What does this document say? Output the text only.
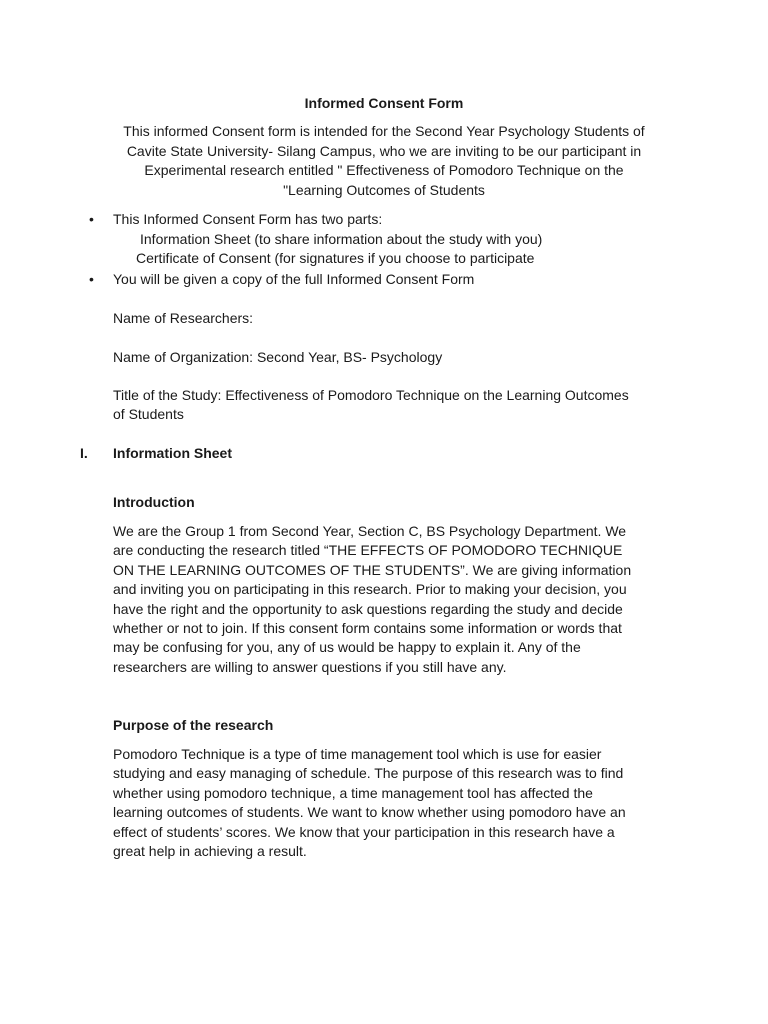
Informed Consent Form
This informed Consent form is intended for the Second Year Psychology Students of
Cavite State University- Silang Campus, who we are inviting to be our participant in
Experimental research entitled " Effectiveness of Pomodoro Technique on the
"Learning Outcomes of Students
• This Informed Consent Form has two parts:
Information Sheet (to share information about the study with you)
Certificate of Consent (for signatures if you choose to participate
• You will be given a copy of the full Informed Consent Form
Name of Researchers:
Name of Organization: Second Year, BS- Psychology
Title of the Study: Effectiveness of Pomodoro Technique on the Learning Outcomes
of Students
I. Information Sheet
Introduction
We are the Group 1 from Second Year, Section C, BS Psychology Department. We
are conducting the research titled “THE EFFECTS OF POMODORO TECHNIQUE
ON THE LEARNING OUTCOMES OF THE STUDENTS”. We are giving information
and inviting you on participating in this research. Prior to making your decision, you
have the right and the opportunity to ask questions regarding the study and decide
whether or not to join. If this consent form contains some information or words that
may be confusing for you, any of us would be happy to explain it. Any of the
researchers are willing to answer questions if you still have any.
Purpose of the research
Pomodoro Technique is a type of time management tool which is use for easier
studying and easy managing of schedule. The purpose of this research was to find
whether using pomodoro technique, a time management tool has affected the
learning outcomes of students. We want to know whether using pomodoro have an
effect of students’ scores. We know that your participation in this research have a
great help in achieving a result.
